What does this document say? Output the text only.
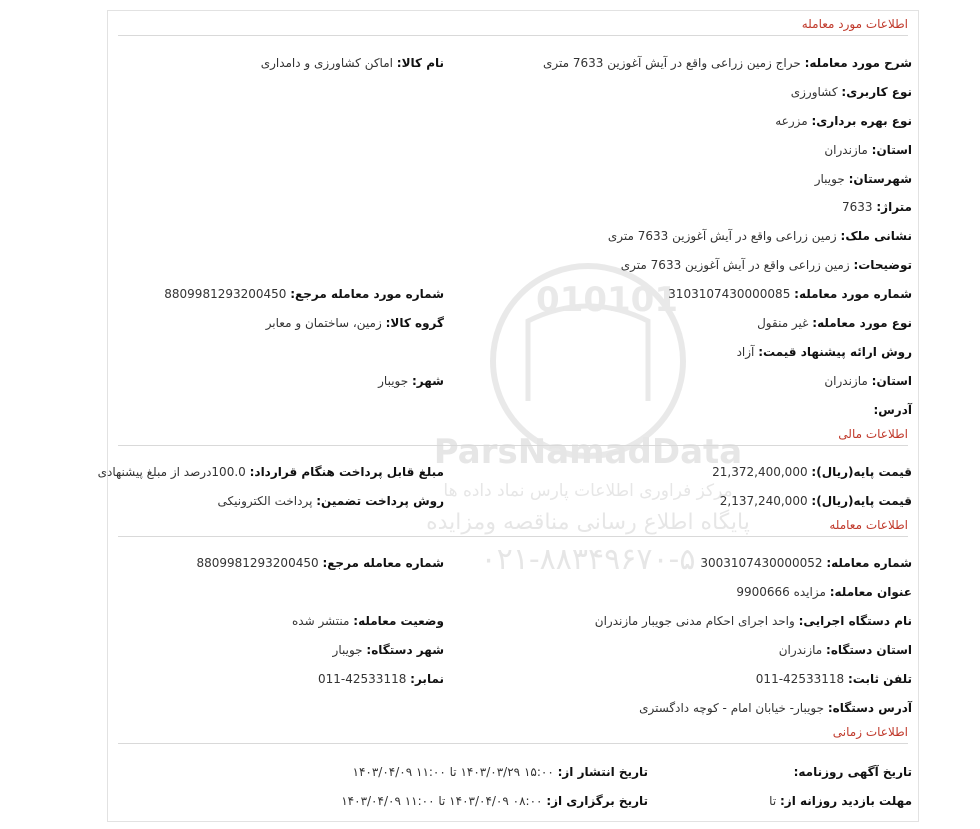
010101
ParsNamadData
مرکز فراوری اطلاعات پارس نماد داده ها
پایگاه اطلاع رسانی مناقصه ومزایده
۰۲۱-۸۸۳۴۹۶۷۰-۵
اطلاعات مورد معامله
شرح مورد معامله: حراج زمین زراعی واقع در آیش آغوزین 7633 متری
نام کالا: اماکن کشاورزی و دامداری
نوع کاربری: کشاورزی
نوع بهره برداری: مزرعه
استان: مازندران
شهرستان: جویبار
متراژ: 7633
نشانی ملک: زمین زراعی واقع در آیش آغوزین 7633 متری
توضیحات: زمین زراعی واقع در آیش آغوزین 7633 متری
شماره مورد معامله: 3103107430000085
شماره مورد معامله مرجع: 8809981293200450
نوع مورد معامله: غیر منقول
گروه کالا: زمین، ساختمان و معابر
روش ارائه پیشنهاد قیمت: آزاد
استان: مازندران
شهر: جویبار
آدرس:
اطلاعات مالی
قیمت پایه(ریال): 21,372,400,000
مبلغ قابل پرداخت هنگام قرارداد: 100.0درصد از مبلغ پیشنهادی
قیمت پایه(ریال): 2,137,240,000
روش پرداخت تضمین: پرداخت الکترونیکی
اطلاعات معامله
شماره معامله: 3003107430000052
شماره معامله مرجع: 8809981293200450
عنوان معامله: مزایده 9900666
نام دستگاه اجرایی: واحد اجرای احکام مدنی جویبار مازندران
وضعیت معامله: منتشر شده
استان دستگاه: مازندران
شهر دستگاه: جویبار
تلفن ثابت: 42533118-011
نمابر: 42533118-011
آدرس دستگاه: جویبار- خیابان امام - کوچه دادگستری
اطلاعات زمانی
تاریخ آگهی روزنامه:
تاریخ انتشار از: ۱۵:۰۰ ۱۴۰۳/۰۳/۲۹ تا ۱۱:۰۰ ۱۴۰۳/۰۴/۰۹
مهلت بازدید روزانه از: تا
تاریخ برگزاری از: ۰۸:۰۰ ۱۴۰۳/۰۴/۰۹ تا ۱۱:۰۰ ۱۴۰۳/۰۴/۰۹
